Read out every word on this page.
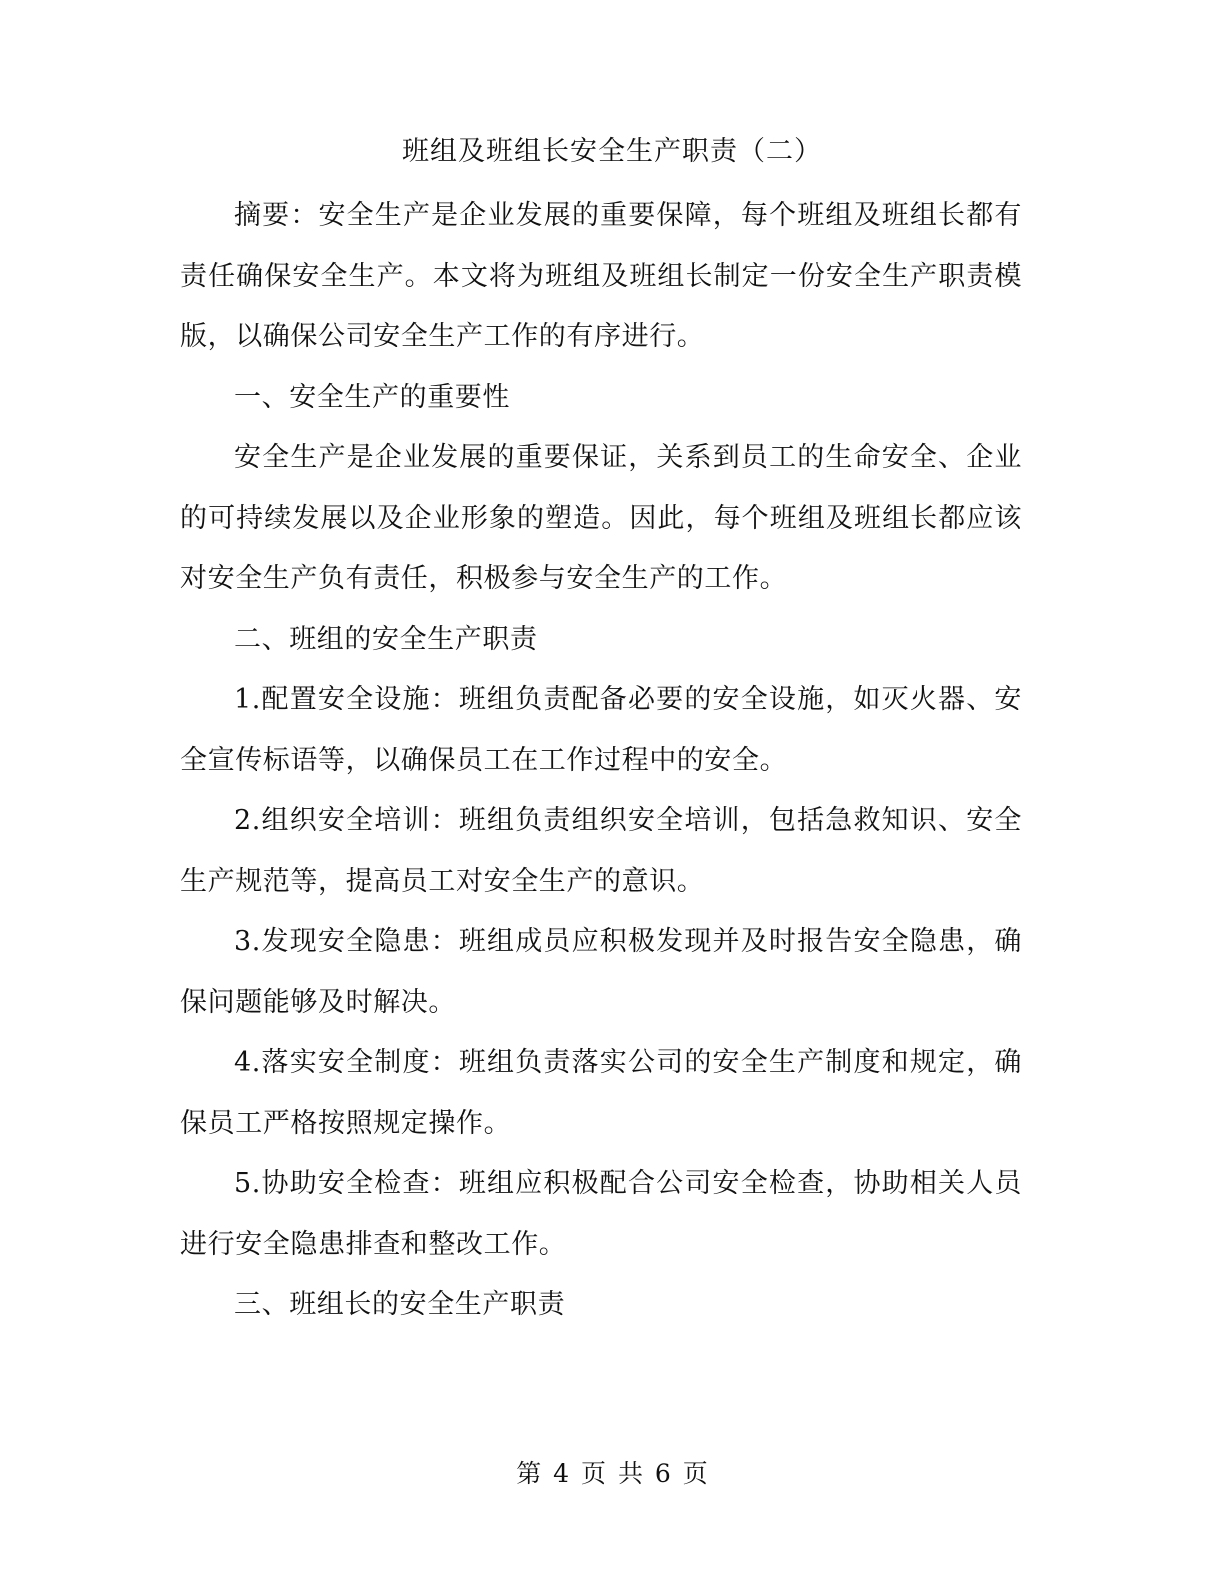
班组及班组长安全生产职责（二）

摘要：安全生产是企业发展的重要保障，每个班组及班组长都有责任确保安全生产。本文将为班组及班组长制定一份安全生产职责模版，以确保公司安全生产工作的有序进行。

一、安全生产的重要性

安全生产是企业发展的重要保证，关系到员工的生命安全、企业的可持续发展以及企业形象的塑造。因此，每个班组及班组长都应该对安全生产负有责任，积极参与安全生产的工作。

二、班组的安全生产职责

1.配置安全设施：班组负责配备必要的安全设施，如灭火器、安全宣传标语等，以确保员工在工作过程中的安全。

2.组织安全培训：班组负责组织安全培训，包括急救知识、安全生产规范等，提高员工对安全生产的意识。

3.发现安全隐患：班组成员应积极发现并及时报告安全隐患，确保问题能够及时解决。

4.落实安全制度：班组负责落实公司的安全生产制度和规定，确保员工严格按照规定操作。

5.协助安全检查：班组应积极配合公司安全检查，协助相关人员进行安全隐患排查和整改工作。

三、班组长的安全生产职责

第 4 页 共 6 页
